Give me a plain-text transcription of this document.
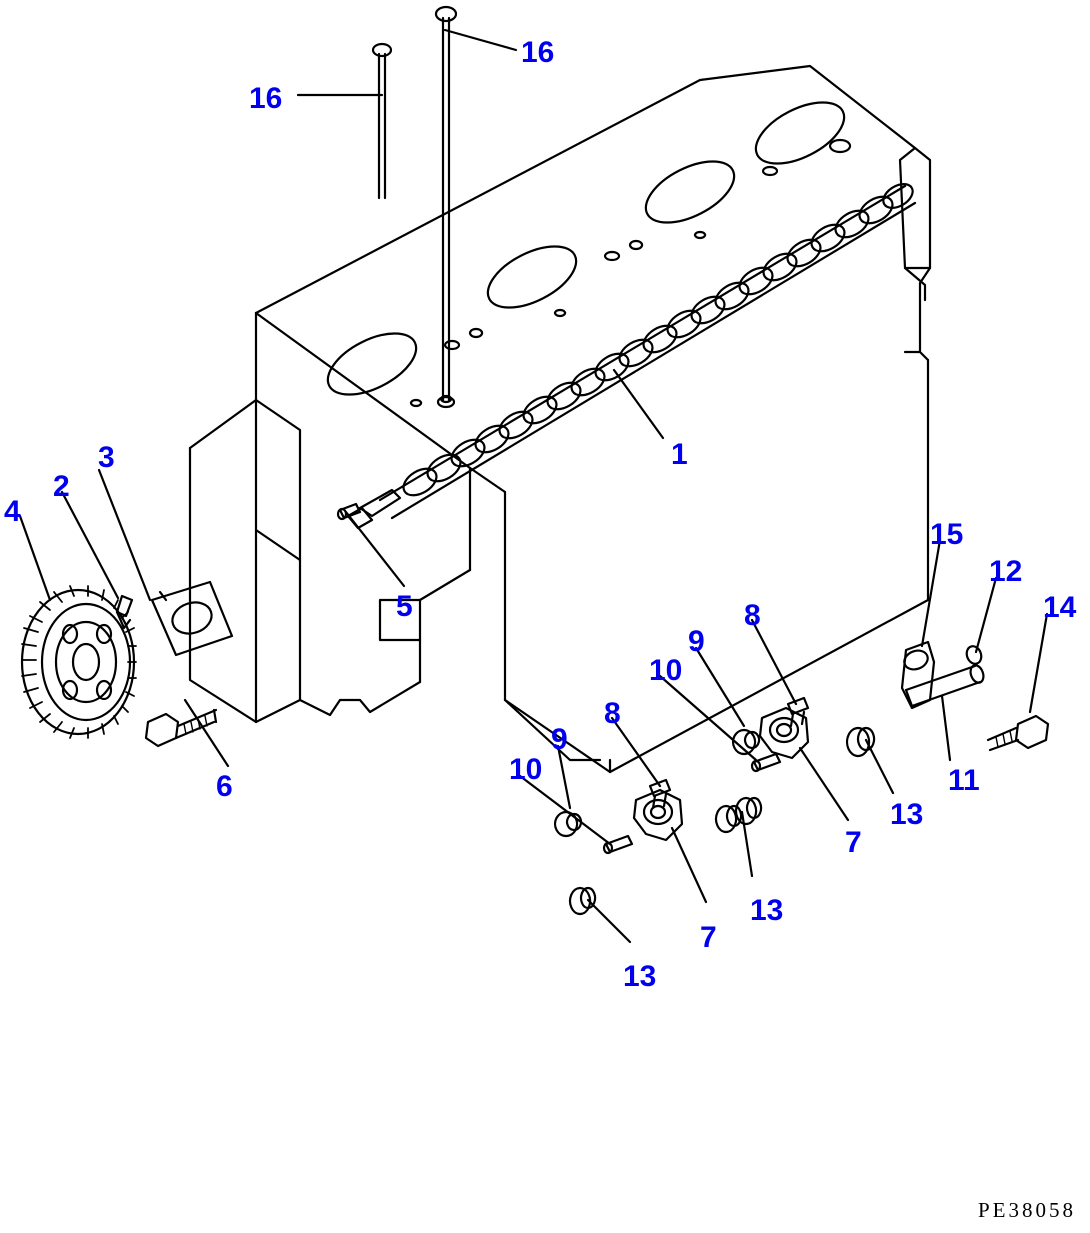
16
16
1
3
2
4
5
15
12
14
8
9
10
6
8
9
10	11
13
7
13
7
13
PE38058
